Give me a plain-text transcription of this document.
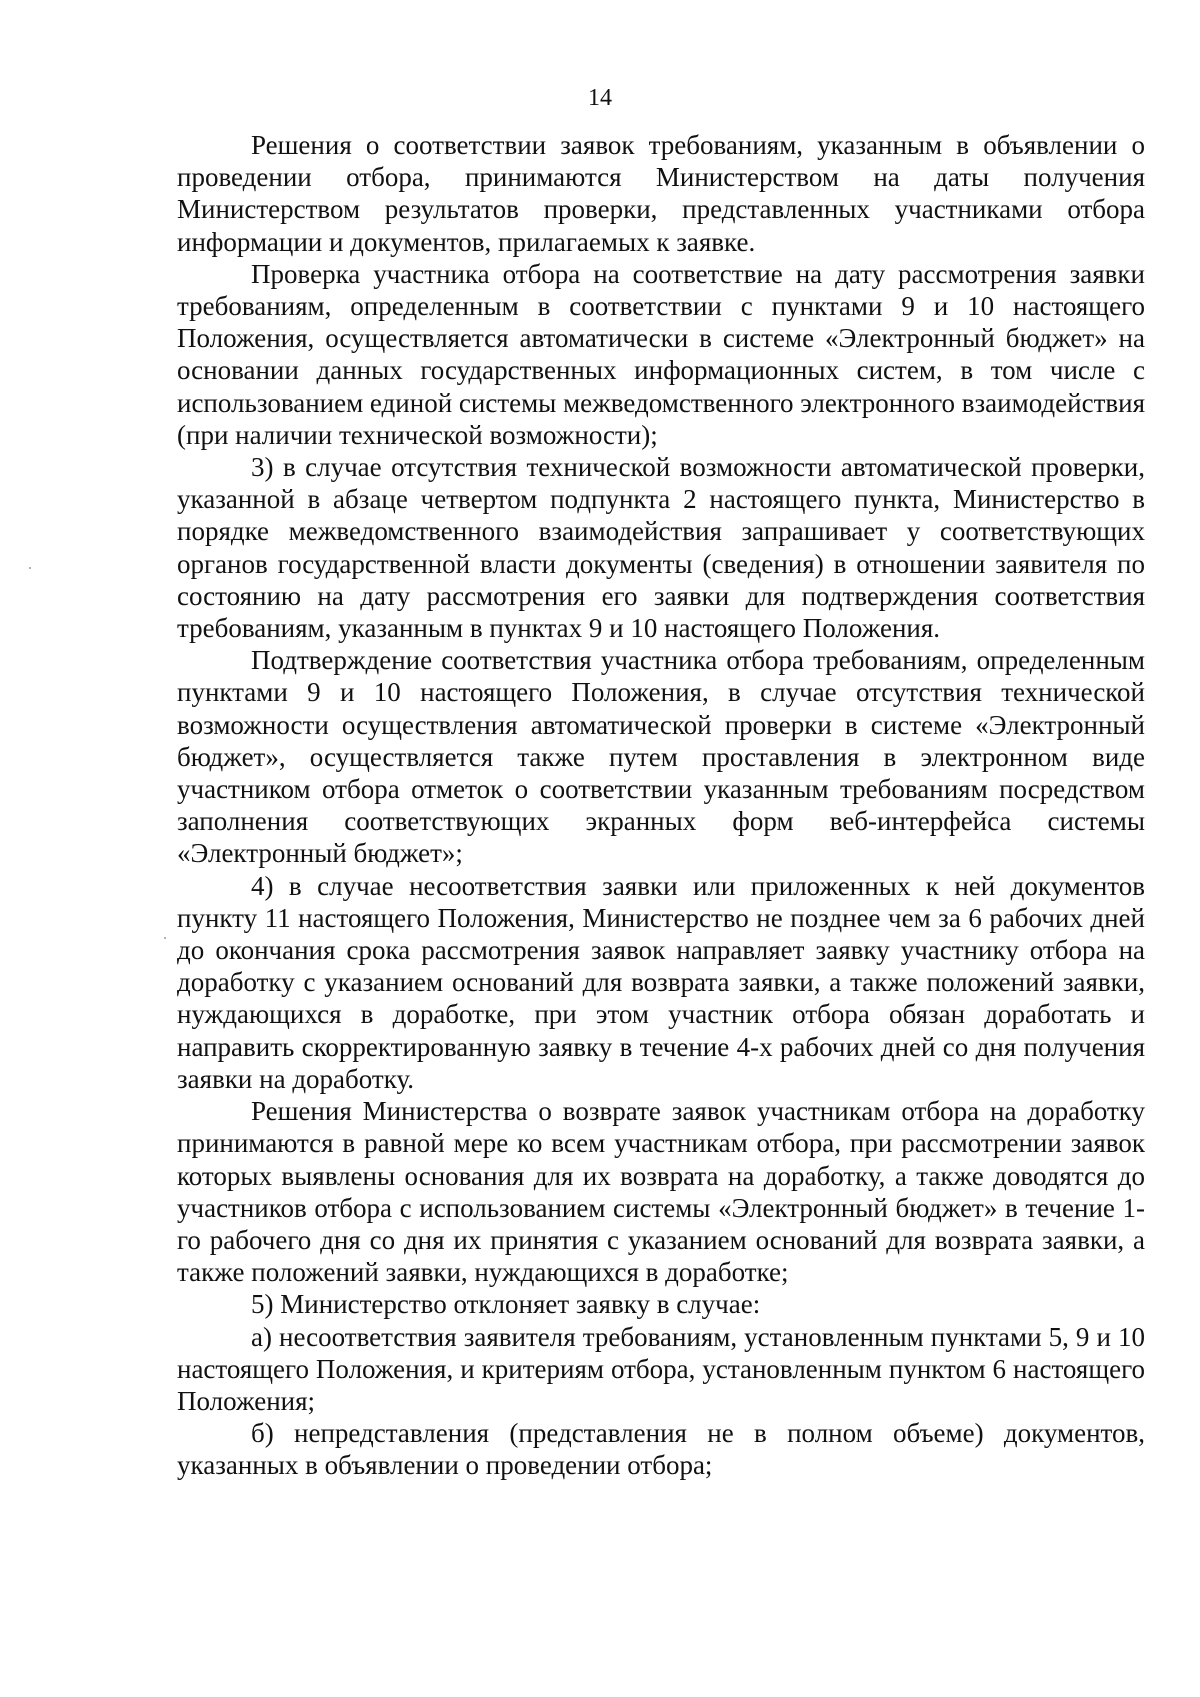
14

Решения о соответствии заявок требованиям, указанным в объявлении о проведении отбора, принимаются Министерством на даты получения Министерством результатов проверки, представленных участниками отбора информации и документов, прилагаемых к заявке.

Проверка участника отбора на соответствие на дату рассмотрения заявки требованиям, определенным в соответствии с пунктами 9 и 10 настоящего Положения, осуществляется автоматически в системе «Электронный бюджет» на основании данных государственных информационных систем, в том числе с использованием единой системы межведомственного электронного взаимодействия (при наличии технической возможности);

3) в случае отсутствия технической возможности автоматической проверки, указанной в абзаце четвертом подпункта 2 настоящего пункта, Министерство в порядке межведомственного взаимодействия запрашивает у соответствующих органов государственной власти документы (сведения) в отношении заявителя по состоянию на дату рассмотрения его заявки для подтверждения соответствия требованиям, указанным в пунктах 9 и 10 настоящего Положения.

Подтверждение соответствия участника отбора требованиям, определенным пунктами 9 и 10 настоящего Положения, в случае отсутствия технической возможности осуществления автоматической проверки в системе «Электронный бюджет», осуществляется также путем проставления в электронном виде участником отбора отметок о соответствии указанным требованиям посредством заполнения соответствующих экранных форм веб-интерфейса системы «Электронный бюджет»;

4) в случае несоответствия заявки или приложенных к ней документов пункту 11 настоящего Положения, Министерство не позднее чем за 6 рабочих дней до окончания срока рассмотрения заявок направляет заявку участнику отбора на доработку с указанием оснований для возврата заявки, а также положений заявки, нуждающихся в доработке, при этом участник отбора обязан доработать и направить скорректированную заявку в течение 4-х рабочих дней со дня получения заявки на доработку.

Решения Министерства о возврате заявок участникам отбора на доработку принимаются в равной мере ко всем участникам отбора, при рассмотрении заявок которых выявлены основания для их возврата на доработку, а также доводятся до участников отбора с использованием системы «Электронный бюджет» в течение 1-го рабочего дня со дня их принятия с указанием оснований для возврата заявки, а также положений заявки, нуждающихся в доработке;

5) Министерство отклоняет заявку в случае:

а) несоответствия заявителя требованиям, установленным пунктами 5, 9 и 10 настоящего Положения, и критериям отбора, установленным пунктом 6 настоящего Положения;

б) непредставления (представления не в полном объеме) документов, указанных в объявлении о проведении отбора;
